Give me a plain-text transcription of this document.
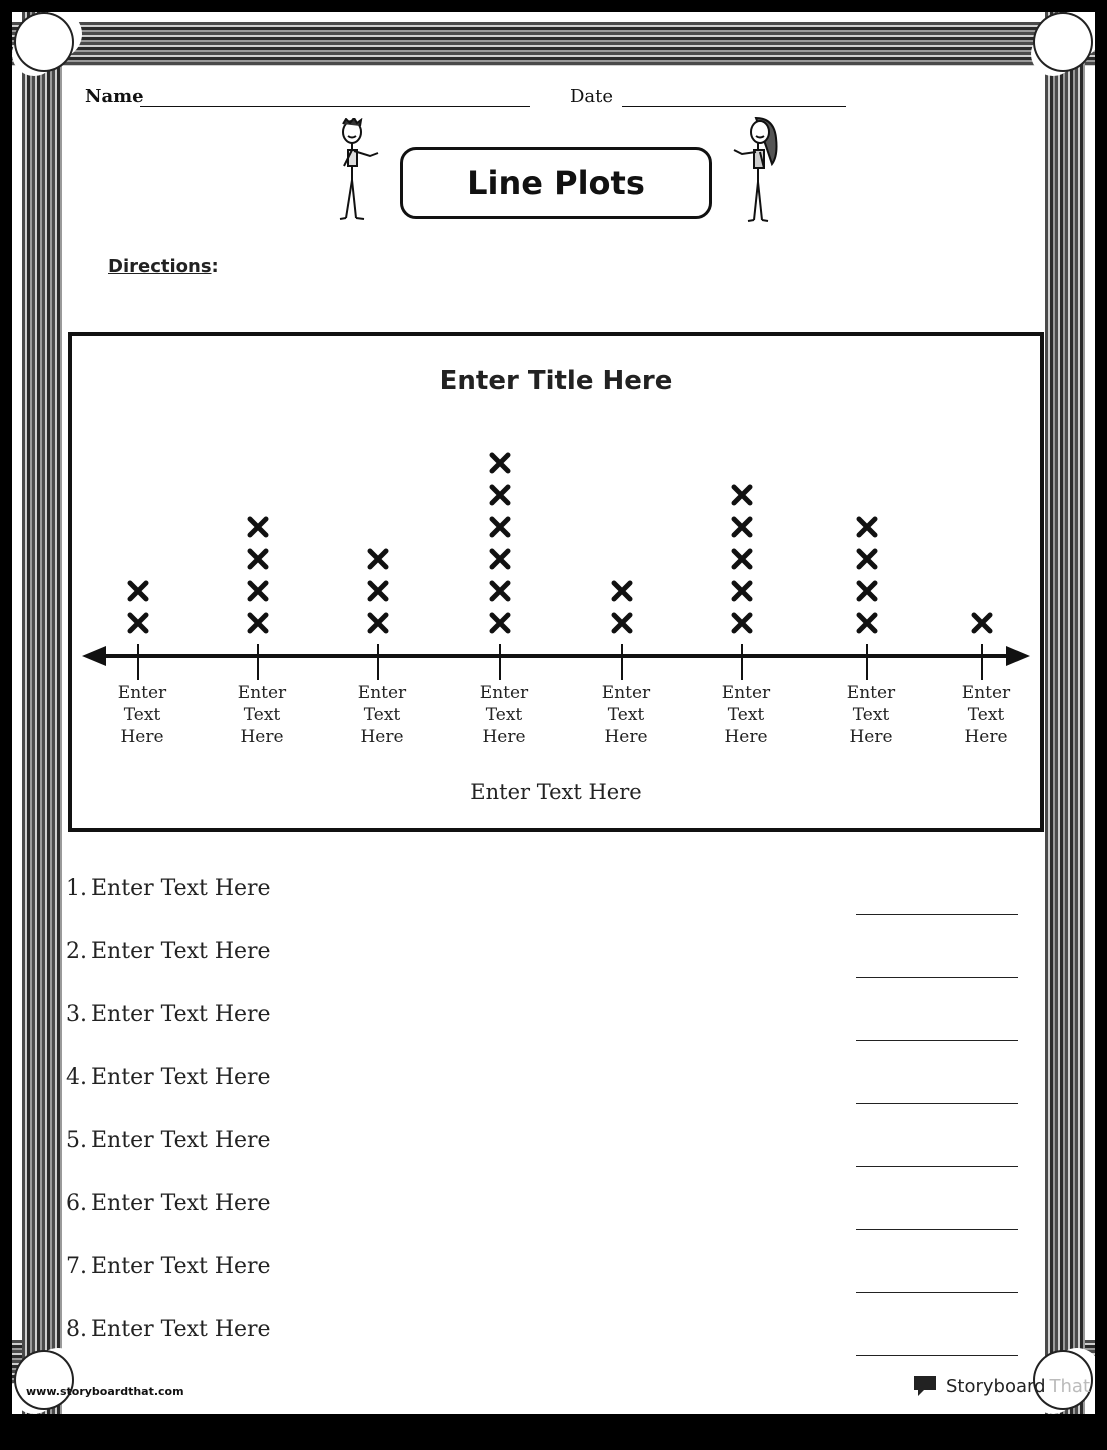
Name	Date
Line Plots
Directions:
Enter Title Here
Enter
Text
Here
Enter
Text
Here
Enter
Text
Here
Enter
Text
Here
Enter
Text
Here
Enter
Text
Here
Enter
Text
Here
Enter
Text
Here
Enter Text Here
1. Enter Text Here
2. Enter Text Here
3. Enter Text Here
4. Enter Text Here
5. Enter Text Here
6. Enter Text Here
7. Enter Text Here
8. Enter Text Here
www.storyboardthat.com	Storyboard That
